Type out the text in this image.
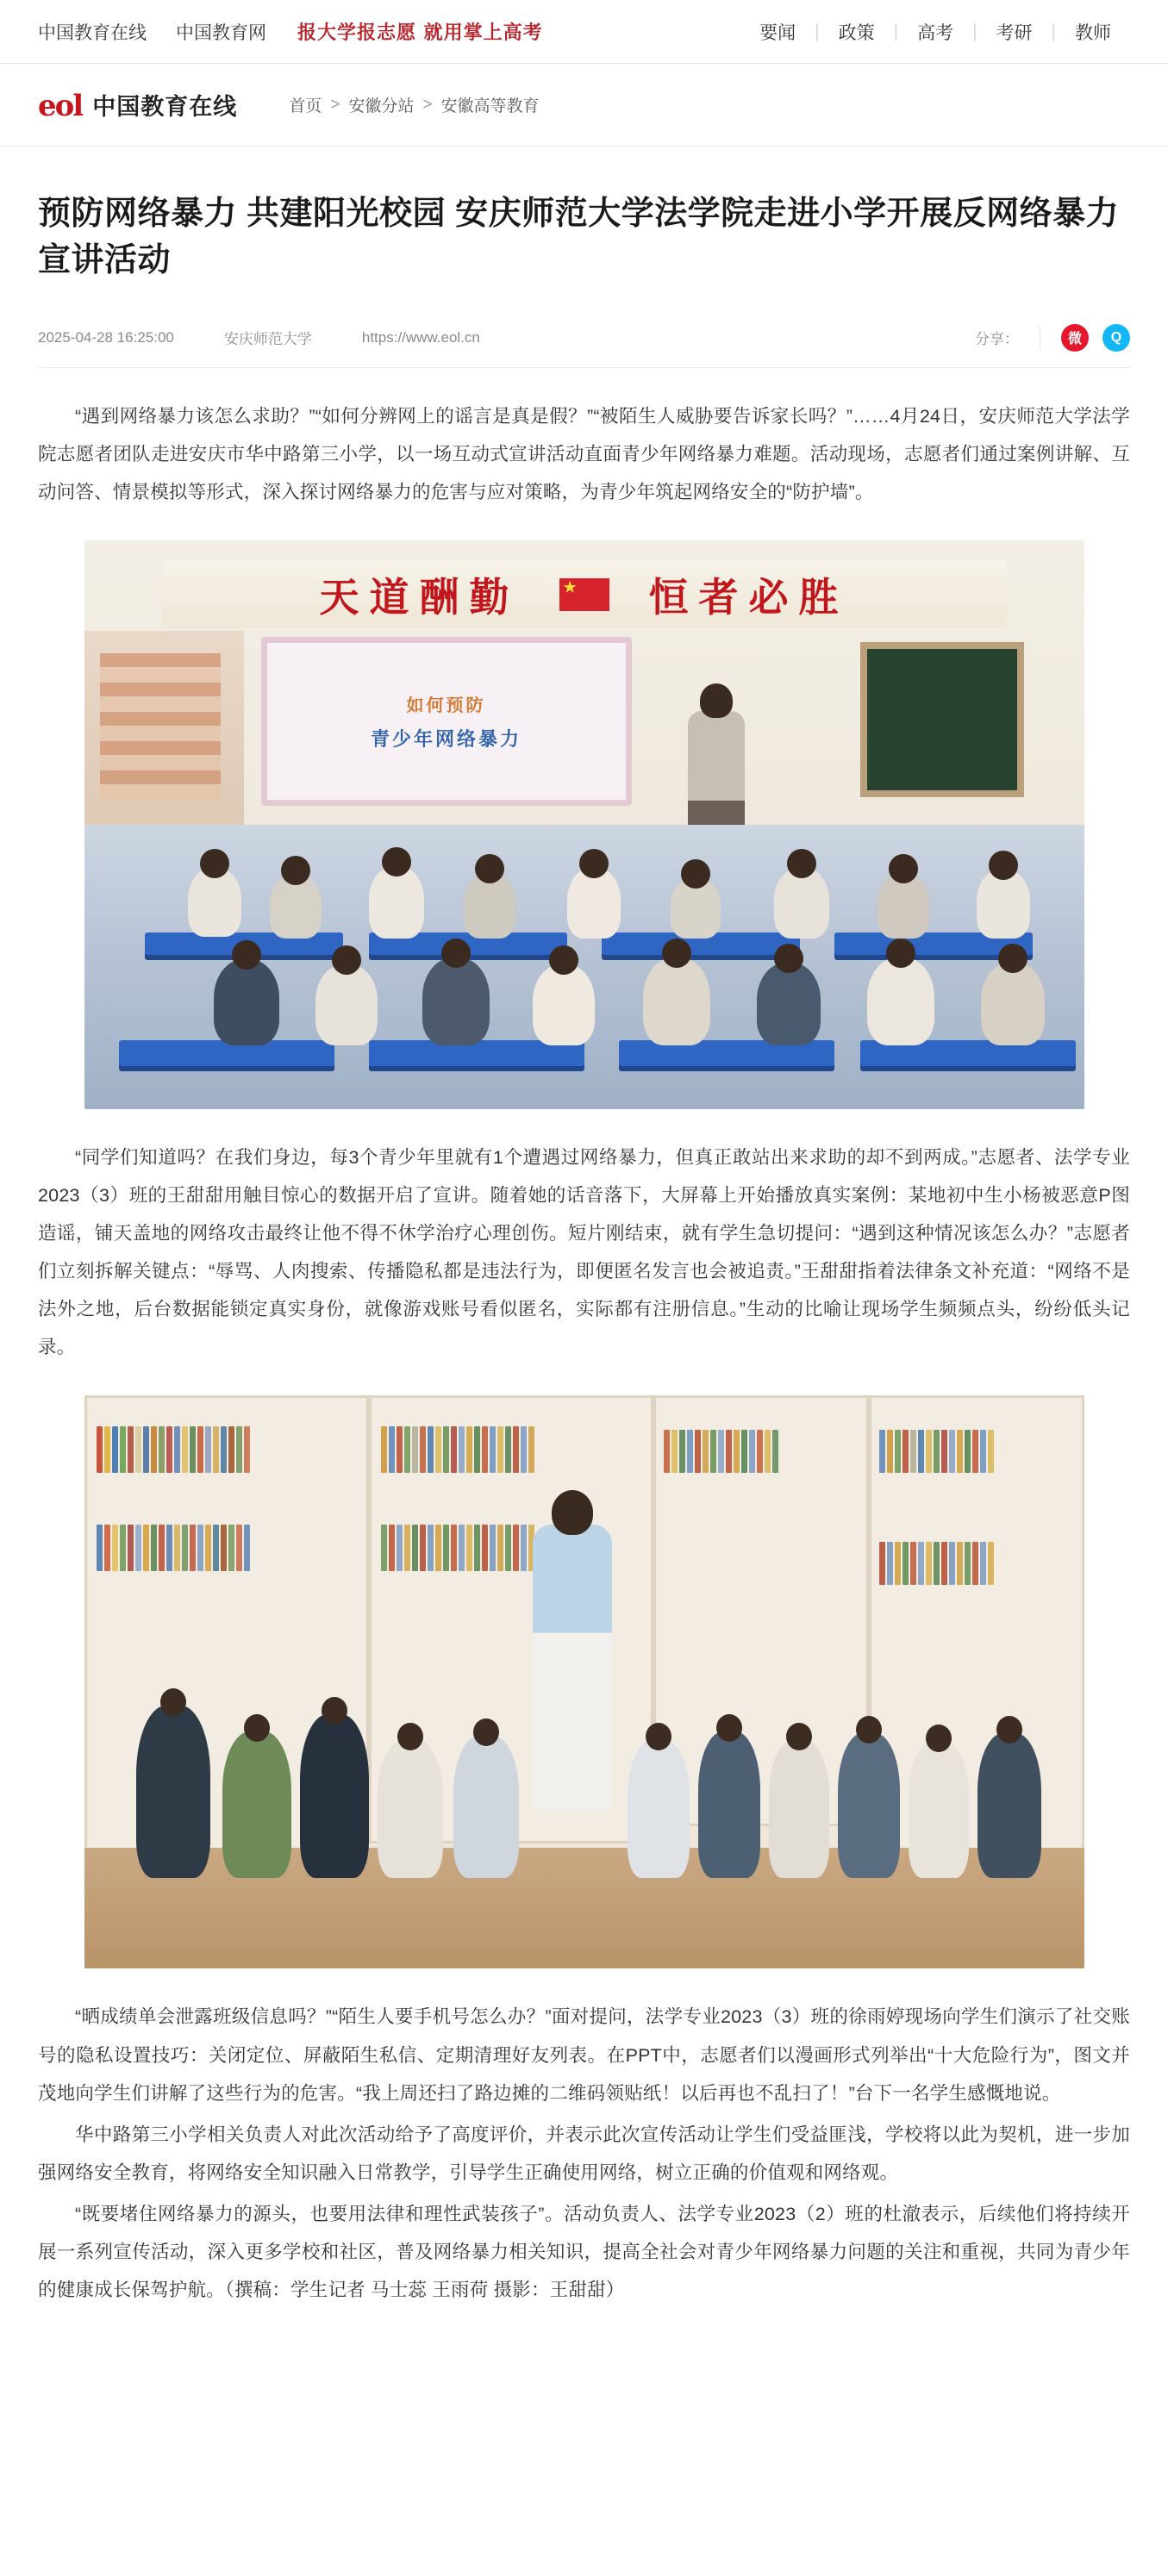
中国教育在线 中国教育网 报大学报志愿 就用掌上高考	要闻	|	政策	|	高考	|	考研	|	教师
eol 中国教育在线	首页 > 安徽分站 > 安徽高等教育
预防网络暴力 共建阳光校园 安庆师范大学法学院走进小学开展反网络暴力宣讲活动
2025-04-28 16:25:00	安庆师范大学	https://www.eol.cn	分享：	微	Q

“遇到网络暴力该怎么求助？”“如何分辨网上的谣言是真是假？”“被陌生人威胁要告诉家长吗？”……4月24日，安庆师范大学法学院志愿者团队走进安庆市华中路第三小学，以一场互动式宣讲活动直面青少年网络暴力难题。活动现场，志愿者们通过案例讲解、互动问答、情景模拟等形式，深入探讨网络暴力的危害与应对策略，为青少年筑起网络安全的“防护墙”。

天道酬勤 ★	恒者必胜
如何预防
青少年网络暴力

“同学们知道吗？在我们身边，每3个青少年里就有1个遭遇过网络暴力，但真正敢站出来求助的却不到两成。”志愿者、法学专业2023（3）班的王甜甜用触目惊心的数据开启了宣讲。随着她的话音落下，大屏幕上开始播放真实案例：某地初中生小杨被恶意P图造谣，铺天盖地的网络攻击最终让他不得不休学治疗心理创伤。短片刚结束，就有学生急切提问：“遇到这种情况该怎么办？”志愿者们立刻拆解关键点：“辱骂、人肉搜索、传播隐私都是违法行为，即便匿名发言也会被追责。”王甜甜指着法律条文补充道：“网络不是法外之地，后台数据能锁定真实身份，就像游戏账号看似匿名，实际都有注册信息。”生动的比喻让现场学生频频点头，纷纷低头记录。

“晒成绩单会泄露班级信息吗？”“陌生人要手机号怎么办？”面对提问，法学专业2023（3）班的徐雨婷现场向学生们演示了社交账号的隐私设置技巧：关闭定位、屏蔽陌生私信、定期清理好友列表。在PPT中，志愿者们以漫画形式列举出“十大危险行为”，图文并茂地向学生们讲解了这些行为的危害。“我上周还扫了路边摊的二维码领贴纸！以后再也不乱扫了！”台下一名学生感慨地说。

华中路第三小学相关负责人对此次活动给予了高度评价，并表示此次宣传活动让学生们受益匪浅，学校将以此为契机，进一步加强网络安全教育，将网络安全知识融入日常教学，引导学生正确使用网络，树立正确的价值观和网络观。

“既要堵住网络暴力的源头，也要用法律和理性武装孩子”。活动负责人、法学专业2023（2）班的杜澈表示，后续他们将持续开展一系列宣传活动，深入更多学校和社区，普及网络暴力相关知识，提高全社会对青少年网络暴力问题的关注和重视，共同为青少年的健康成长保驾护航。（撰稿：学生记者 马士蕊 王雨荷 摄影：王甜甜）
